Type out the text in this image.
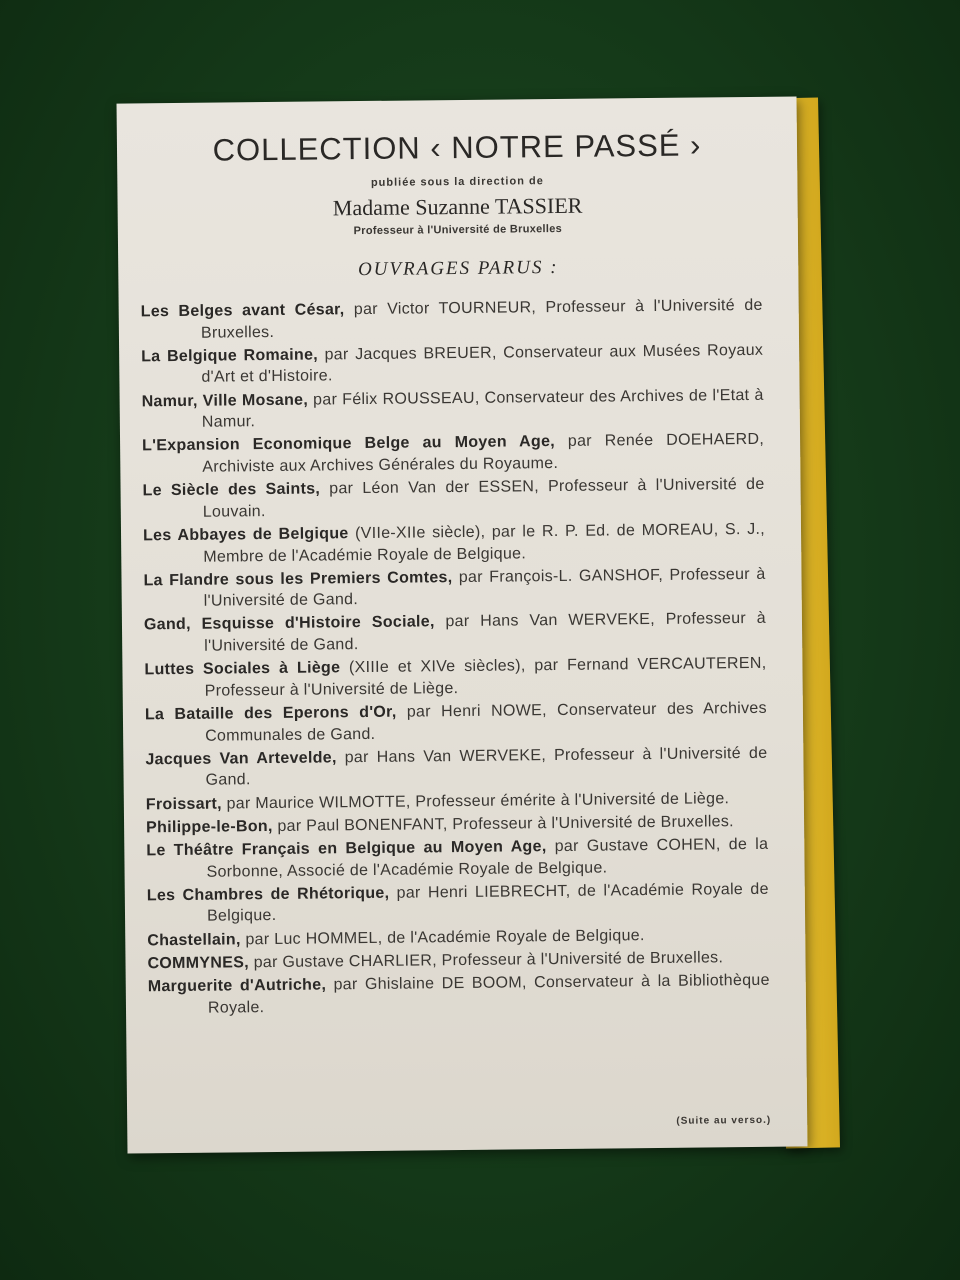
COLLECTION ‹ NOTRE PASSÉ ›
publiée sous la direction de
Madame Suzanne TASSIER
Professeur à l'Université de Bruxelles
OUVRAGES PARUS :

Les Belges avant César, par Victor TOURNEUR, Professeur à l'Université de Bruxelles.

La Belgique Romaine, par Jacques BREUER, Conservateur aux Musées Royaux d'Art et d'Histoire.

Namur, Ville Mosane, par Félix ROUSSEAU, Conservateur des Archives de l'Etat à Namur.

L'Expansion Economique Belge au Moyen Age, par Renée DOEHAERD, Archiviste aux Archives Générales du Royaume.

Le Siècle des Saints, par Léon Van der ESSEN, Professeur à l'Université de Louvain.

Les Abbayes de Belgique (VIIe-XIIe siècle), par le R. P. Ed. de MOREAU, S. J., Membre de l'Académie Royale de Belgique.

La Flandre sous les Premiers Comtes, par François-L. GANSHOF, Professeur à l'Université de Gand.

Gand, Esquisse d'Histoire Sociale, par Hans Van WERVEKE, Professeur à l'Université de Gand.

Luttes Sociales à Liège (XIIIe et XIVe siècles), par Fernand VERCAUTEREN, Professeur à l'Université de Liège.

La Bataille des Eperons d'Or, par Henri NOWE, Conservateur des Archives Communales de Gand.

Jacques Van Artevelde, par Hans Van WERVEKE, Professeur à l'Université de Gand.

Froissart, par Maurice WILMOTTE, Professeur émérite à l'Université de Liège.

Philippe-le-Bon, par Paul BONENFANT, Professeur à l'Université de Bruxelles.

Le Théâtre Français en Belgique au Moyen Age, par Gustave COHEN, de la Sorbonne, Associé de l'Académie Royale de Belgique.

Les Chambres de Rhétorique, par Henri LIEBRECHT, de l'Académie Royale de Belgique.

Chastellain, par Luc HOMMEL, de l'Académie Royale de Belgique.

COMMYNES, par Gustave CHARLIER, Professeur à l'Université de Bruxelles.

Marguerite d'Autriche, par Ghislaine DE BOOM, Conservateur à la Bibliothèque Royale.

(Suite au verso.)
